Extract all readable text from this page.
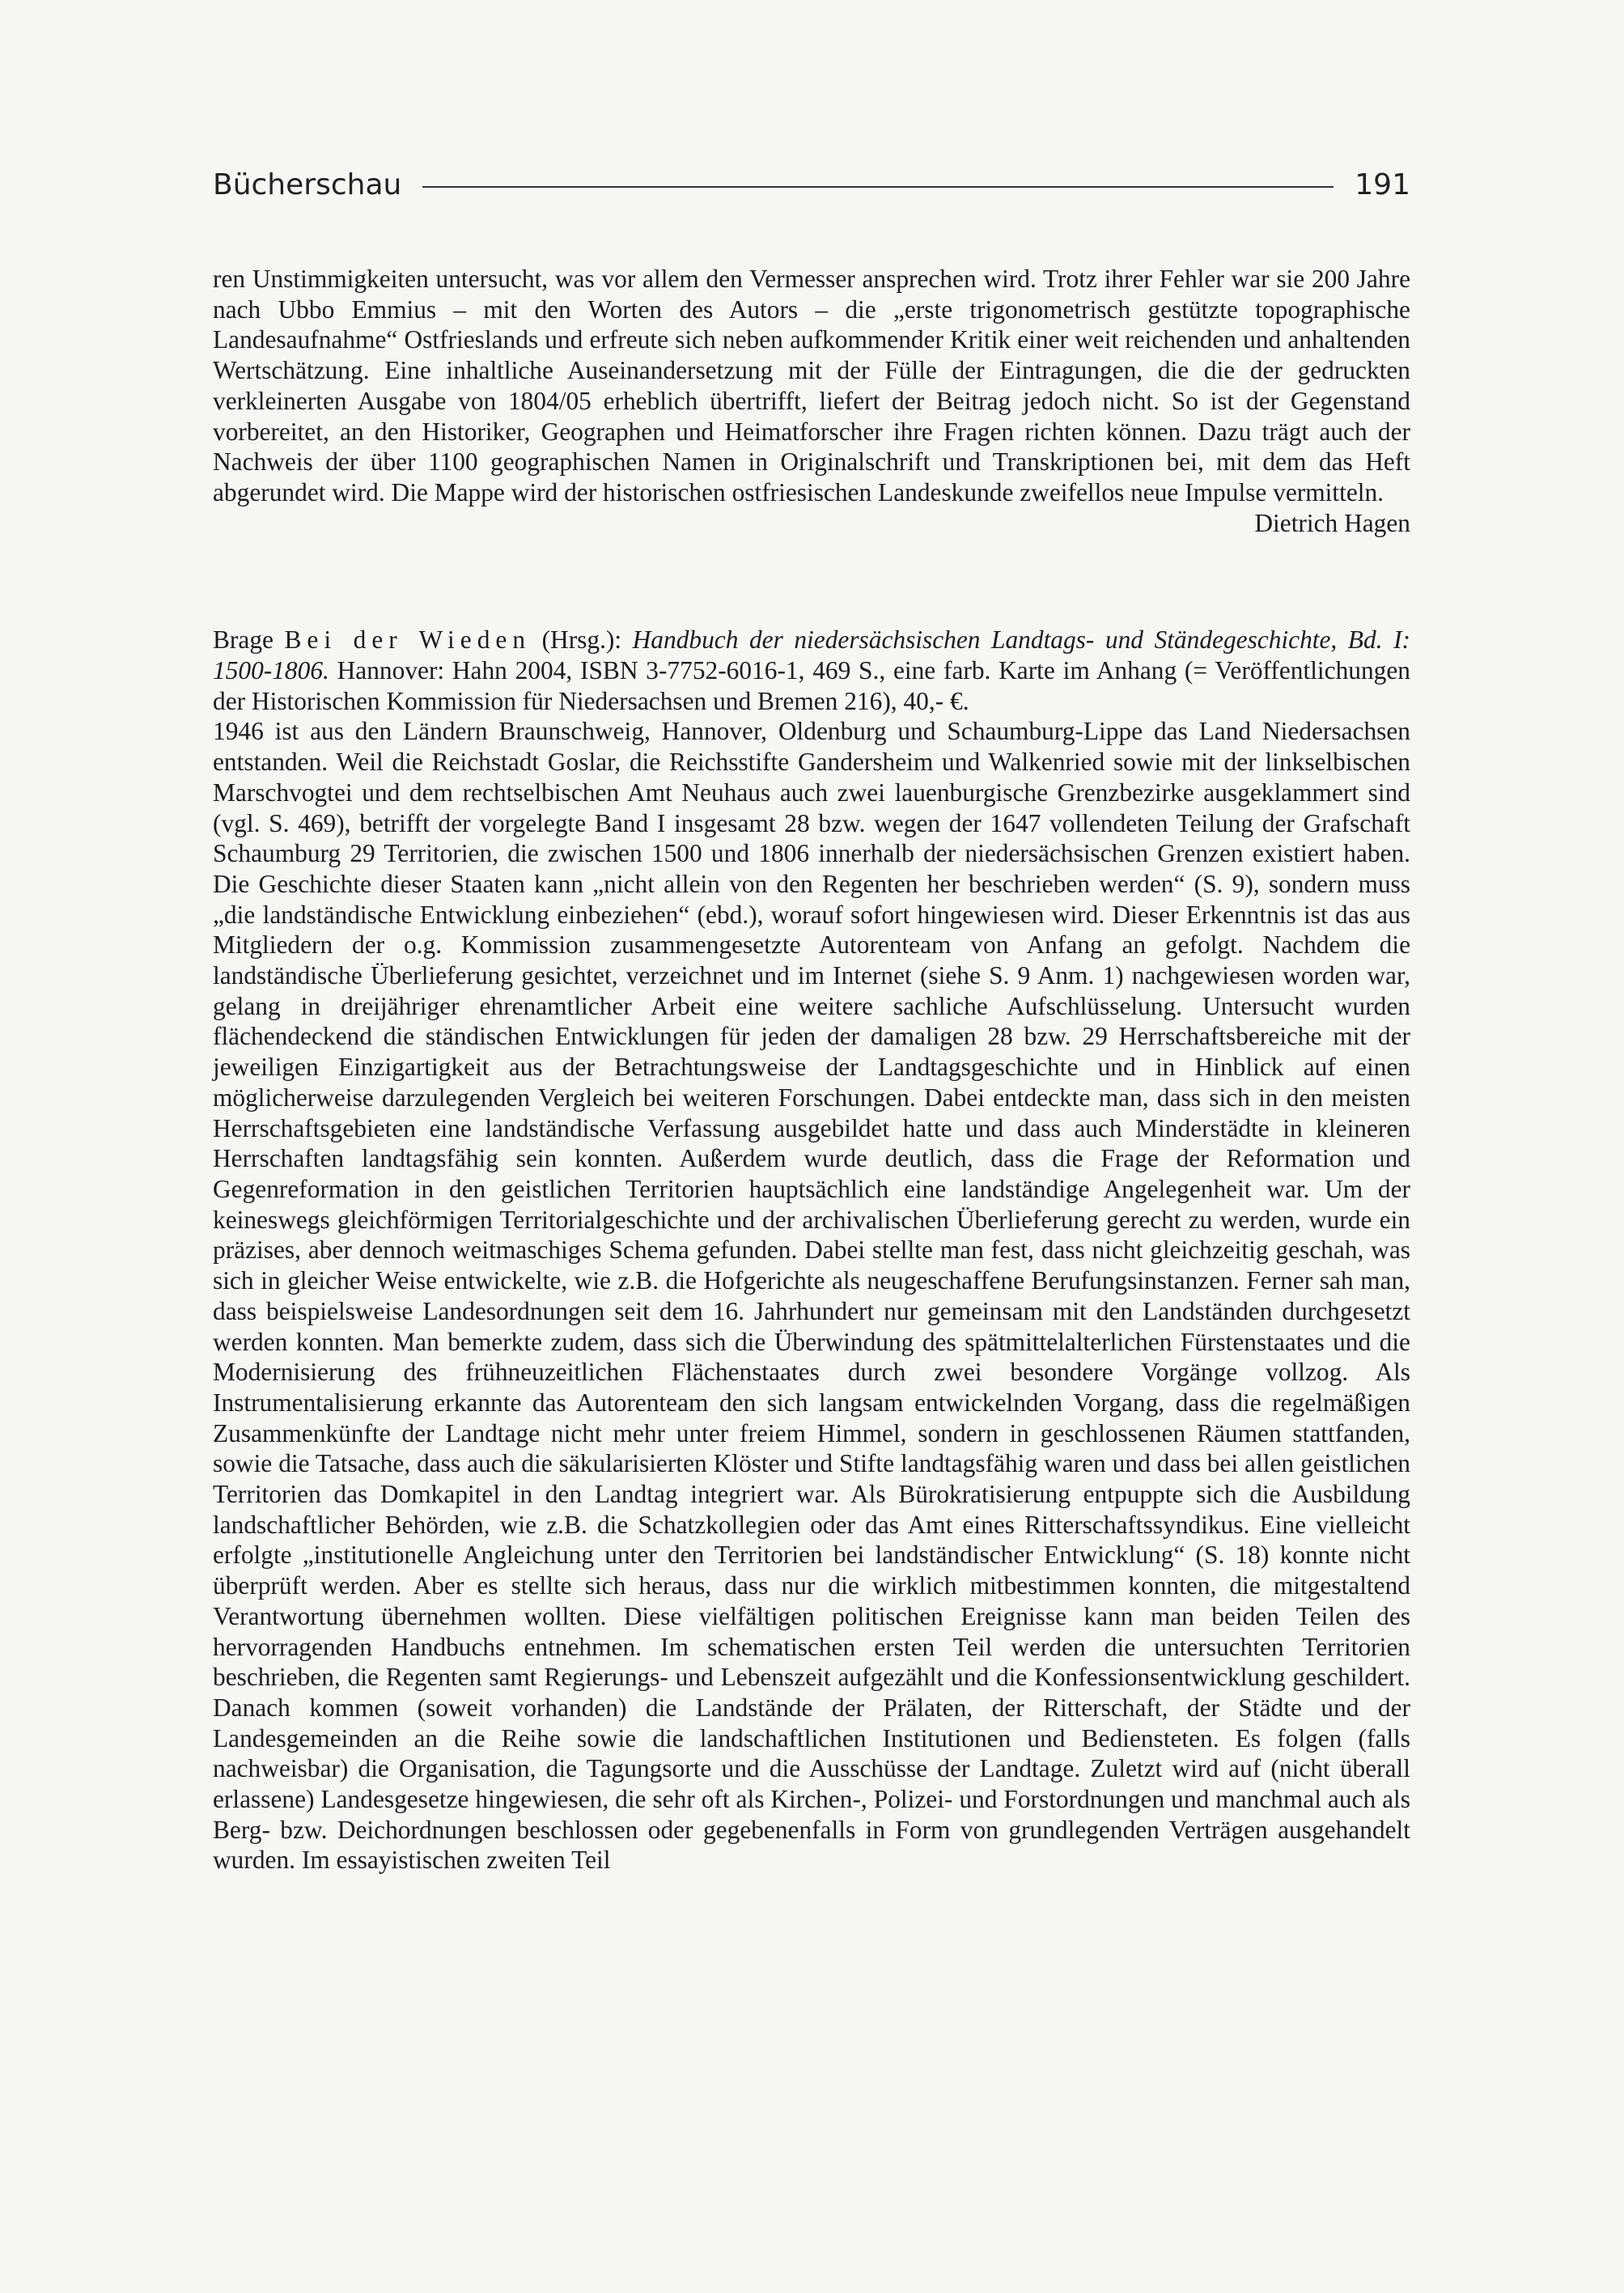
Bücherschau	191

ren Unstimmigkeiten untersucht, was vor allem den Vermesser ansprechen wird. Trotz ihrer Fehler war sie 200 Jahre nach Ubbo Emmius – mit den Worten des Autors – die „erste trigonometrisch gestützte topographische Landesaufnahme“ Ostfrieslands und erfreute sich neben aufkommender Kritik einer weit reichenden und anhaltenden Wertschätzung. Eine inhaltliche Auseinandersetzung mit der Fülle der Eintragungen, die die der gedruckten verkleinerten Ausgabe von 1804/05 erheblich übertrifft, liefert der Beitrag jedoch nicht. So ist der Gegenstand vorbereitet, an den Historiker, Geographen und Heimatforscher ihre Fragen richten können. Dazu trägt auch der Nachweis der über 1100 geographischen Namen in Originalschrift und Transkriptionen bei, mit dem das Heft abgerundet wird. Die Mappe wird der historischen ostfriesischen Landeskunde zweifellos neue Impulse vermitteln.

Dietrich Hagen

Brage Bei der Wieden (Hrsg.): Handbuch der niedersächsischen Landtags- und Ständegeschichte, Bd. I: 1500-1806. Hannover: Hahn 2004, ISBN 3-7752-6016-1, 469 S., eine farb. Karte im Anhang (= Veröffentlichungen der Historischen Kommission für Niedersachsen und Bremen 216), 40,- €.

1946 ist aus den Ländern Braunschweig, Hannover, Oldenburg und Schaumburg-Lippe das Land Niedersachsen entstanden. Weil die Reichstadt Goslar, die Reichsstifte Gandersheim und Walkenried sowie mit der linkselbischen Marschvogtei und dem rechtselbischen Amt Neuhaus auch zwei lauenburgische Grenzbezirke ausgeklammert sind (vgl. S. 469), betrifft der vorgelegte Band I insgesamt 28 bzw. wegen der 1647 vollendeten Teilung der Grafschaft Schaumburg 29 Territorien, die zwischen 1500 und 1806 innerhalb der niedersächsischen Grenzen existiert haben. Die Geschichte dieser Staaten kann „nicht allein von den Regenten her beschrieben werden“ (S. 9), sondern muss „die landständische Entwicklung einbeziehen“ (ebd.), worauf sofort hingewiesen wird. Dieser Erkenntnis ist das aus Mitgliedern der o.g. Kommission zusammengesetzte Autorenteam von Anfang an gefolgt. Nachdem die landständische Überlieferung gesichtet, verzeichnet und im Internet (siehe S. 9 Anm. 1) nachgewiesen worden war, gelang in dreijähriger ehrenamtlicher Arbeit eine weitere sachliche Aufschlüsselung. Untersucht wurden flächendeckend die ständischen Entwicklungen für jeden der damaligen 28 bzw. 29 Herrschaftsbereiche mit der jeweiligen Einzigartigkeit aus der Betrachtungsweise der Landtagsgeschichte und in Hinblick auf einen möglicherweise darzulegenden Vergleich bei weiteren Forschungen. Dabei entdeckte man, dass sich in den meisten Herrschaftsgebieten eine landständische Verfassung ausgebildet hatte und dass auch Minderstädte in kleineren Herrschaften landtagsfähig sein konnten. Außerdem wurde deutlich, dass die Frage der Reformation und Gegenreformation in den geistlichen Territorien hauptsächlich eine landständige Angelegenheit war. Um der keineswegs gleichförmigen Territorialgeschichte und der archivalischen Überlieferung gerecht zu werden, wurde ein präzises, aber dennoch weitmaschiges Schema gefunden. Dabei stellte man fest, dass nicht gleichzeitig geschah, was sich in gleicher Weise entwickelte, wie z.B. die Hofgerichte als neugeschaffene Berufungsinstanzen. Ferner sah man, dass beispielsweise Landesordnungen seit dem 16. Jahrhundert nur gemeinsam mit den Landständen durchgesetzt werden konnten. Man bemerkte zudem, dass sich die Überwindung des spätmittelalterlichen Fürstenstaates und die Modernisierung des frühneuzeitlichen Flächenstaates durch zwei besondere Vorgänge vollzog. Als Instrumentalisierung erkannte das Autorenteam den sich langsam entwickelnden Vorgang, dass die regelmäßigen Zusammenkünfte der Landtage nicht mehr unter freiem Himmel, sondern in geschlossenen Räumen stattfanden, sowie die Tatsache, dass auch die säkularisierten Klöster und Stifte landtagsfähig waren und dass bei allen geistlichen Territorien das Domkapitel in den Landtag integriert war. Als Bürokratisierung entpuppte sich die Ausbildung landschaftlicher Behörden, wie z.B. die Schatzkollegien oder das Amt eines Ritterschaftssyndikus. Eine vielleicht erfolgte „institutionelle Angleichung unter den Territorien bei landständischer Entwicklung“ (S. 18) konnte nicht überprüft werden. Aber es stellte sich heraus, dass nur die wirklich mitbestimmen konnten, die mitgestaltend Verantwortung übernehmen wollten. Diese vielfältigen politischen Ereignisse kann man beiden Teilen des hervorragenden Handbuchs entnehmen. Im schematischen ersten Teil werden die untersuchten Territorien beschrieben, die Regenten samt Regierungs- und Lebenszeit aufgezählt und die Konfessionsentwicklung geschildert. Danach kommen (soweit vorhanden) die Landstände der Prälaten, der Ritterschaft, der Städte und der Landesgemeinden an die Reihe sowie die landschaftlichen Institutionen und Bediensteten. Es folgen (falls nachweisbar) die Organisation, die Tagungsorte und die Ausschüsse der Landtage. Zuletzt wird auf (nicht überall erlassene) Landesgesetze hingewiesen, die sehr oft als Kirchen-, Polizei- und Forstordnungen und manchmal auch als Berg- bzw. Deichordnungen beschlossen oder gegebenenfalls in Form von grundlegenden Verträgen ausgehandelt wurden. Im essayistischen zweiten Teil
